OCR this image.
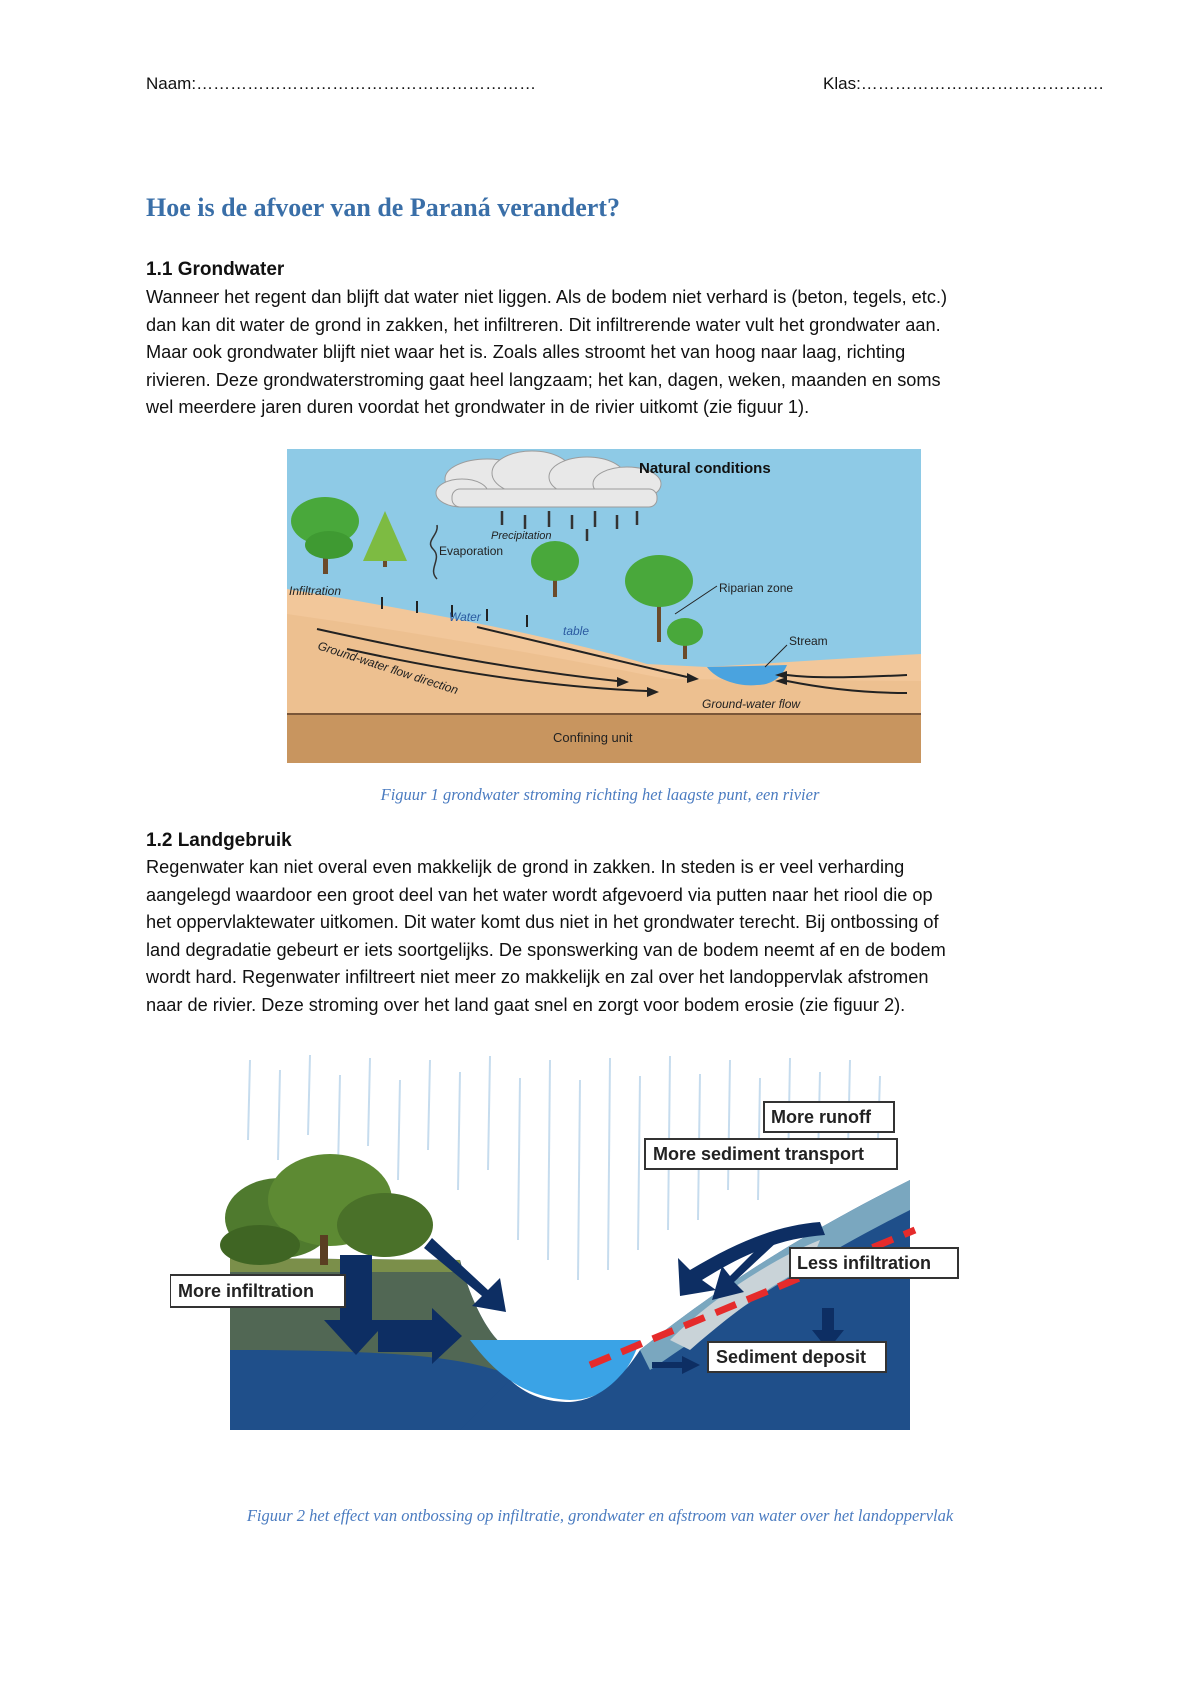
Naam:……………………………………………………	Klas:…………………………………….
Hoe is de afvoer van de Paraná verandert?
1.1 Grondwater
Wanneer het regent dan blijft dat water niet liggen. Als de bodem niet verhard is (beton, tegels, etc.)
dan kan dit water de grond in zakken, het infiltreren. Dit infiltrerende water vult het grondwater aan.
Maar ook grondwater blijft niet waar het is. Zoals alles stroomt het van hoog naar laag, richting
rivieren. Deze grondwaterstroming gaat heel langzaam; het kan, dagen, weken, maanden en soms
wel meerdere jaren duren voordat het grondwater in de rivier uitkomt (zie figuur 1).
Natural conditions
Precipitation
Evaporation
Infiltration
Water
table
Riparian zone
Stream
Ground-water flow direction
Ground-water flow
Confining unit
Figuur 1 grondwater stroming richting het laagste punt, een rivier
1.2 Landgebruik
Regenwater kan niet overal even makkelijk de grond in zakken. In steden is er veel verharding
aangelegd waardoor een groot deel van het water wordt afgevoerd via putten naar het riool die op
het oppervlaktewater uitkomen. Dit water komt dus niet in het grondwater terecht. Bij ontbossing of
land degradatie gebeurt er iets soortgelijks. De sponswerking van de bodem neemt af en de bodem
wordt hard. Regenwater infiltreert niet meer zo makkelijk en zal over het landoppervlak afstromen
naar de rivier. Deze stroming over het land gaat snel en zorgt voor bodem erosie (zie figuur 2).
More runoff
More sediment transport
Less infiltration
More infiltration
Sediment deposit
Figuur 2 het effect van ontbossing op infiltratie, grondwater en afstroom van water over het landoppervlak
